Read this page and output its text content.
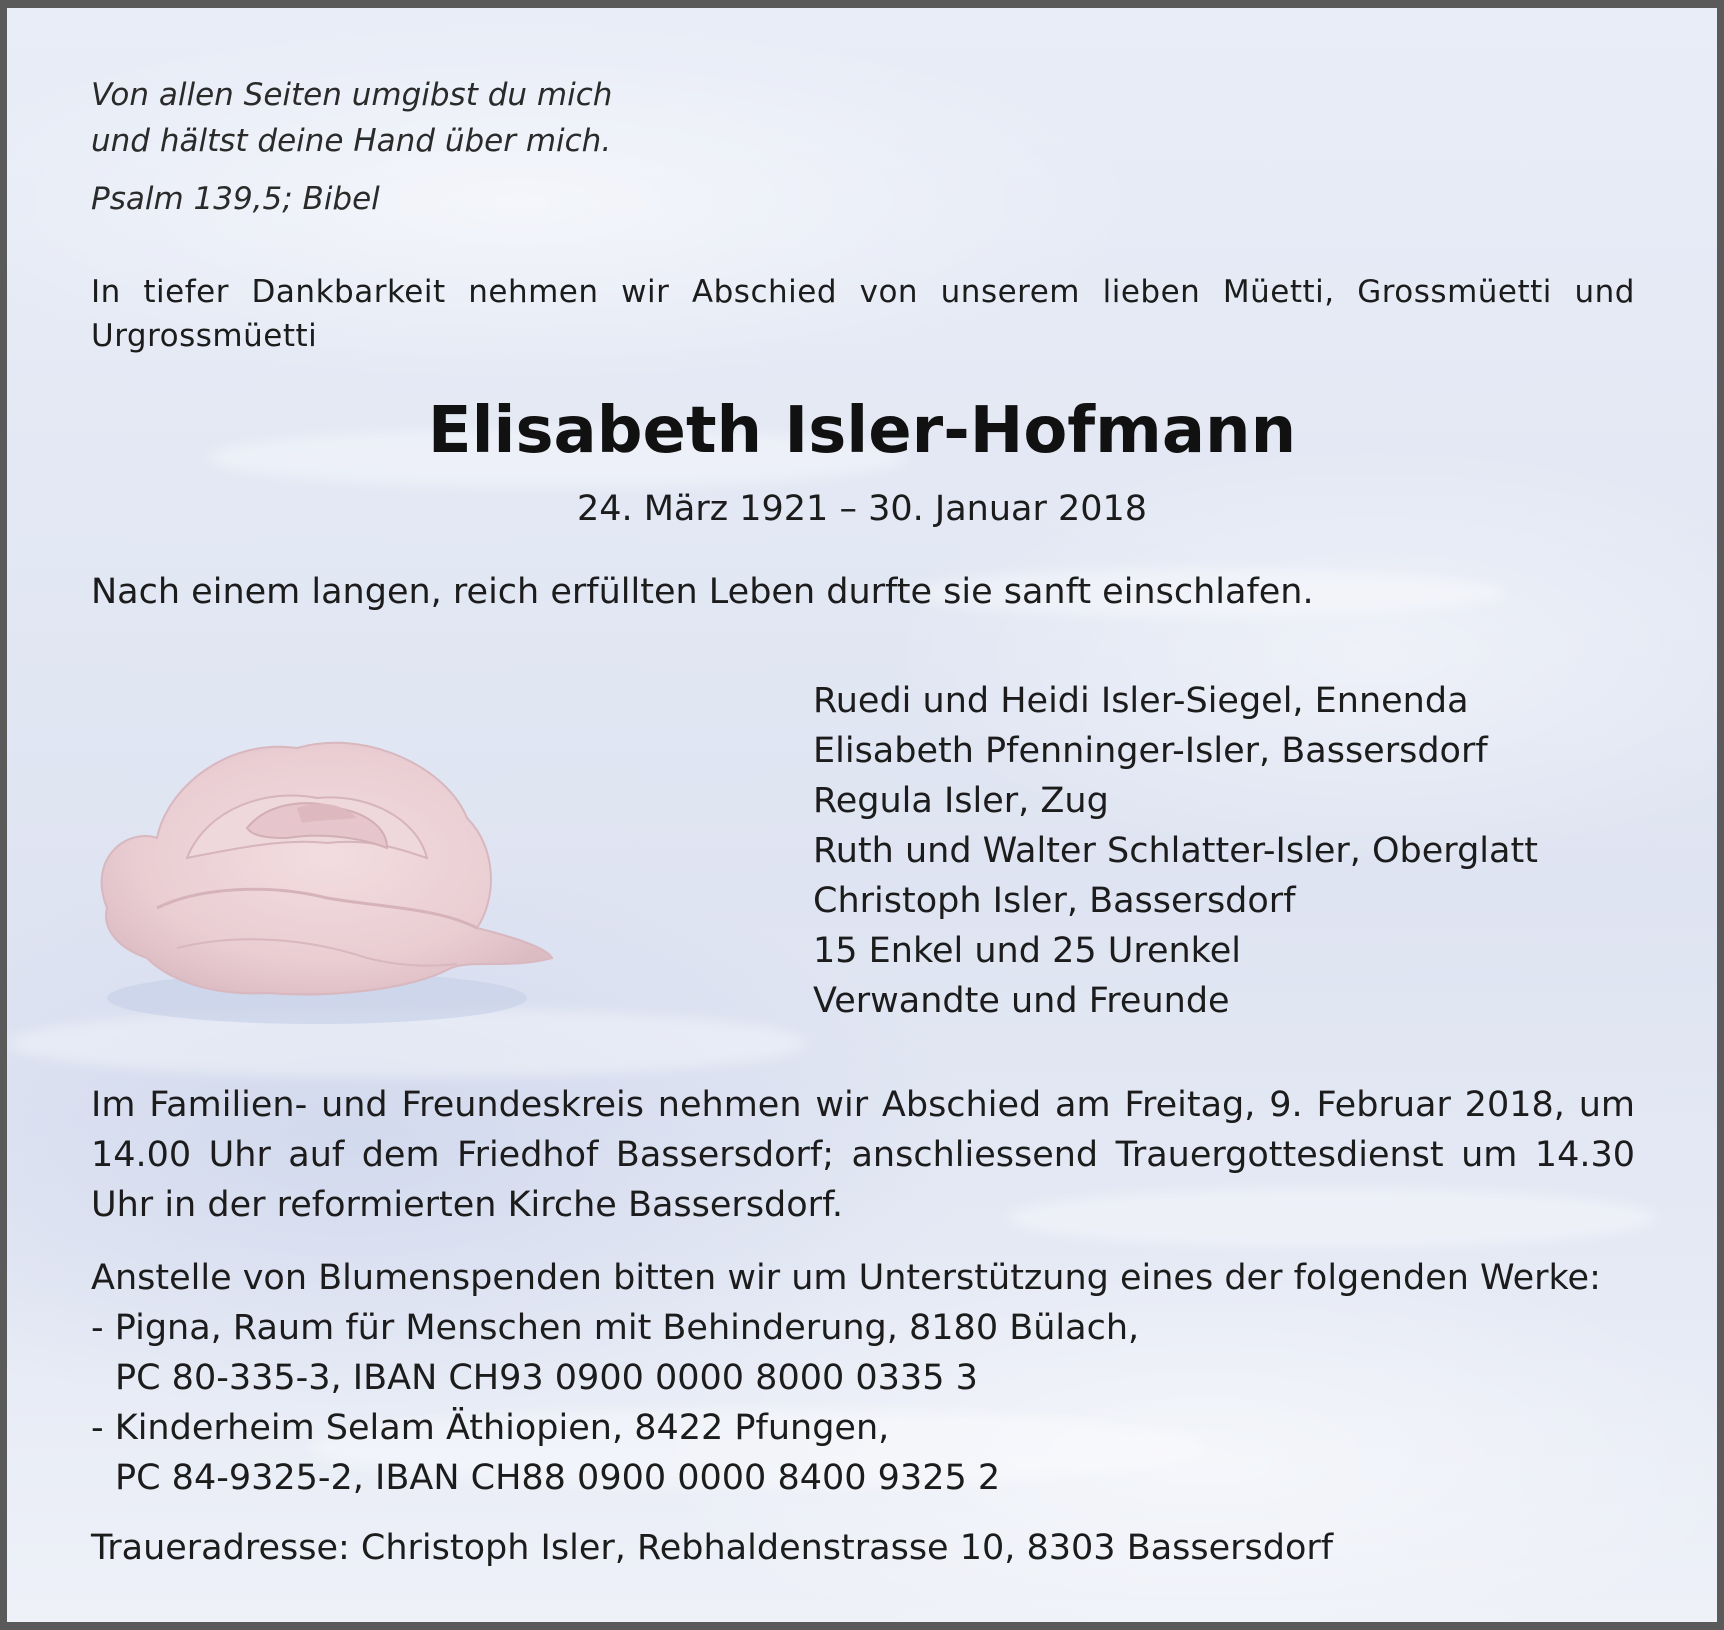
Von allen Seiten umgibst du mich
und hältst deine Hand über mich.
Psalm 139,5; Bibel
In tiefer Dankbarkeit nehmen wir Abschied von unserem lieben Müetti, Grossmüetti und Urgrossmüetti
Elisabeth Isler-Hofmann
24. März 1921 – 30. Januar 2018
Nach einem langen, reich erfüllten Leben durfte sie sanft einschlafen.
Ruedi und Heidi Isler-Siegel, Ennenda
Elisabeth Pfenninger-Isler, Bassersdorf
Regula Isler, Zug
Ruth und Walter Schlatter-Isler, Oberglatt
Christoph Isler, Bassersdorf
15 Enkel und 25 Urenkel
Verwandte und Freunde
Im Familien- und Freundeskreis nehmen wir Abschied am Freitag, 9. Februar 2018, um 14.00 Uhr auf dem Friedhof Bassersdorf; anschliessend Trauergottesdienst um 14.30 Uhr in der reformierten Kirche Bassersdorf.
Anstelle von Blumenspenden bitten wir um Unterstützung eines der folgenden Werke:
- Pigna, Raum für Menschen mit Behinderung, 8180 Bülach,
PC 80-335-3, IBAN CH93 0900 0000 8000 0335 3
- Kinderheim Selam Äthiopien, 8422 Pfungen,
PC 84-9325-2, IBAN CH88 0900 0000 8400 9325 2
Traueradresse: Christoph Isler, Rebhaldenstrasse 10, 8303 Bassersdorf
